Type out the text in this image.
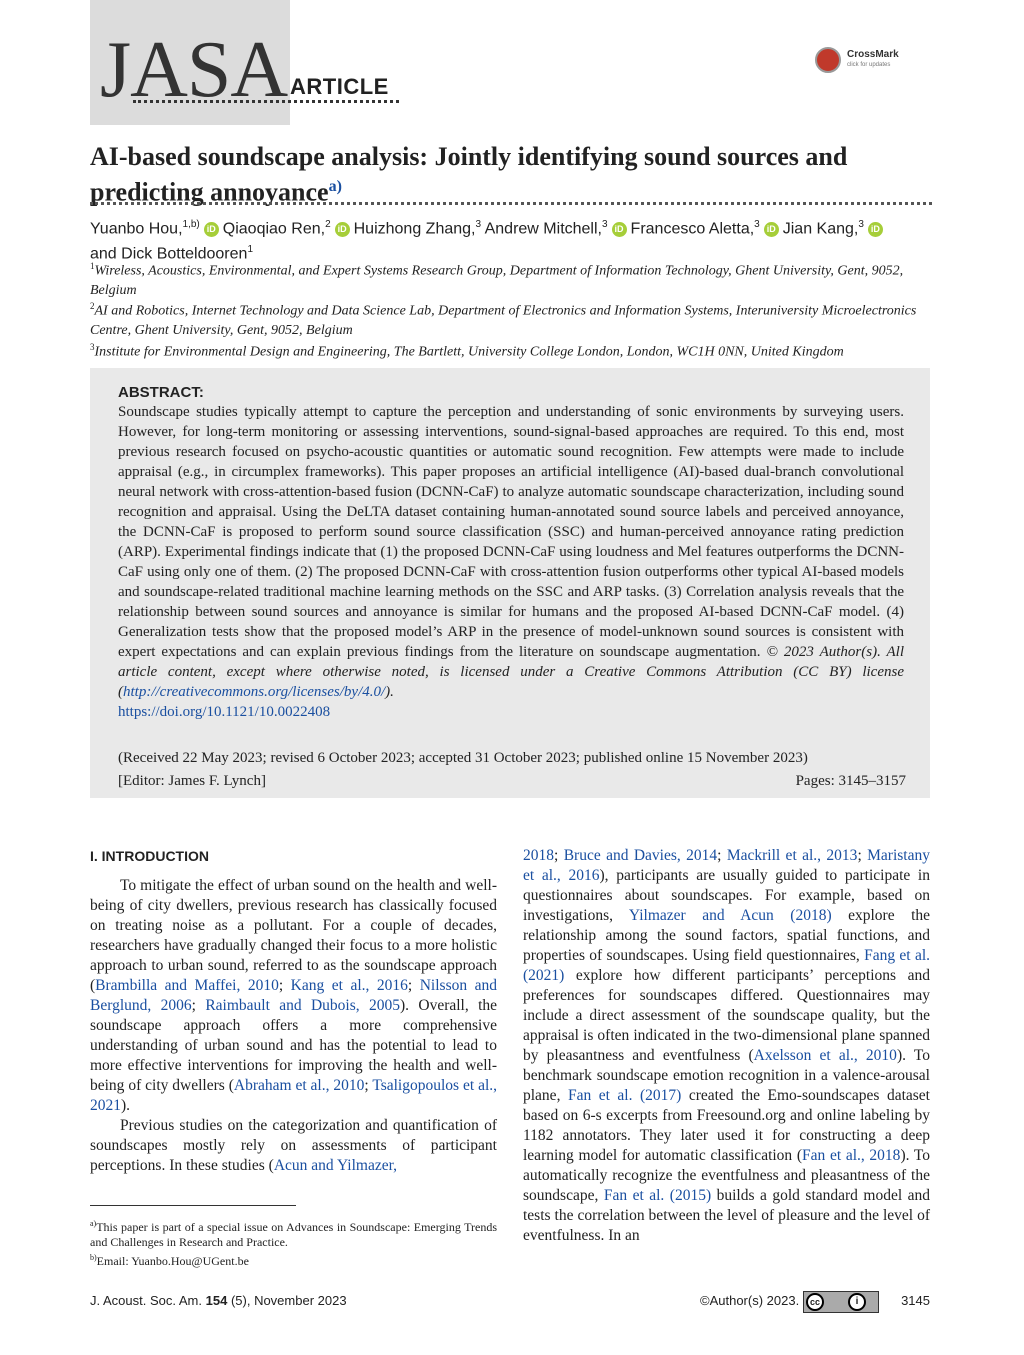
JASA ARTICLE
CrossMark
click for updates
AI-based soundscape analysis: Jointly identifying sound sources and predicting annoyance$^{a)}$
Yuanbo Hou,$^{1,b)}$ iD Qiaoqiao Ren,$^2$ iD Huizhong Zhang,$^3$ Andrew Mitchell,$^3$ iD Francesco Aletta,$^3$ iD Jian Kang,$^3$ iD
and Dick Botteldooren$^1$
$^1$Wireless, Acoustics, Environmental, and Expert Systems Research Group, Department of Information Technology, Ghent University, Gent, 9052, Belgium
$^2$AI and Robotics, Internet Technology and Data Science Lab, Department of Electronics and Information Systems, Interuniversity Microelectronics Centre, Ghent University, Gent, 9052, Belgium
$^3$Institute for Environmental Design and Engineering, The Bartlett, University College London, London, WC1H 0NN, United Kingdom
ABSTRACT:
Soundscape studies typically attempt to capture the perception and understanding of sonic environments by surveying users. However, for long-term monitoring or assessing interventions, sound-signal-based approaches are required. To this end, most previous research focused on psycho-acoustic quantities or automatic sound recognition. Few attempts were made to include appraisal (e.g., in circumplex frameworks). This paper proposes an artificial intelligence (AI)-based dual-branch convolutional neural network with cross-attention-based fusion (DCNN-CaF) to analyze automatic soundscape characterization, including sound recognition and appraisal. Using the DeLTA dataset containing human-annotated sound source labels and perceived annoyance, the DCNN-CaF is proposed to perform sound source classification (SSC) and human-perceived annoyance rating prediction (ARP). Experimental findings indicate that (1) the proposed DCNN-CaF using loudness and Mel features outperforms the DCNN-CaF using only one of them. (2) The proposed DCNN-CaF with cross-attention fusion outperforms other typical AI-based models and soundscape-related traditional machine learning methods on the SSC and ARP tasks. (3) Correlation analysis reveals that the relationship between sound sources and annoyance is similar for humans and the proposed AI-based DCNN-CaF model. (4) Generalization tests show that the proposed model’s ARP in the presence of model-unknown sound sources is consistent with expert expectations and can explain previous findings from the literature on soundscape augmentation. © 2023 Author(s). All article content, except where otherwise noted, is licensed under a Creative Commons Attribution (CC BY) license (http://creativecommons.org/licenses/by/4.0/).
https://doi.org/10.1121/10.0022408
(Received 22 May 2023; revised 6 October 2023; accepted 31 October 2023; published online 15 November 2023)
[Editor: James F. Lynch]	Pages: 3145–3157
I. INTRODUCTION

To mitigate the effect of urban sound on the health and well-being of city dwellers, previous research has classically focused on treating noise as a pollutant. For a couple of decades, researchers have gradually changed their focus to a more holistic approach to urban sound, referred to as the soundscape approach (Brambilla and Maffei, 2010; Kang et al., 2016; Nilsson and Berglund, 2006; Raimbault and Dubois, 2005). Overall, the soundscape approach offers a more comprehensive understanding of urban sound and has the potential to lead to more effective interventions for improving the health and well-being of city dwellers (Abraham et al., 2010; Tsaligopoulos et al., 2021).

Previous studies on the categorization and quantification of soundscapes mostly rely on assessments of participant perceptions. In these studies (Acun and Yilmazer,

2018; Bruce and Davies, 2014; Mackrill et al., 2013; Maristany et al., 2016), participants are usually guided to participate in questionnaires about soundscapes. For example, based on investigations, Yilmazer and Acun (2018) explore the relationship among the sound factors, spatial functions, and properties of soundscapes. Using field questionnaires, Fang et al. (2021) explore how different participants’ perceptions and preferences for soundscapes differed. Questionnaires may include a direct assessment of the soundscape quality, but the appraisal is often indicated in the two-dimensional plane spanned by pleasantness and eventfulness (Axelsson et al., 2010). To benchmark soundscape emotion recognition in a valence-arousal plane, Fan et al. (2017) created the Emo-soundscapes dataset based on 6-s excerpts from Freesound.org and online labeling by 1182 annotators. They later used it for constructing a deep learning model for automatic classification (Fan et al., 2018). To automatically recognize the eventfulness and pleasantness of the soundscape, Fan et al. (2015) builds a gold standard model and tests the correlation between the level of pleasure and the level of eventfulness. In an

$^{a)}$This paper is part of a special issue on Advances in Soundscape: Emerging Trends and Challenges in Research and Practice.
$^{b)}$Email: Yuanbo.Hou@UGent.be
J. Acoust. Soc. Am. 154 (5), November 2023	©Author(s) 2023.	cc	i	3145
